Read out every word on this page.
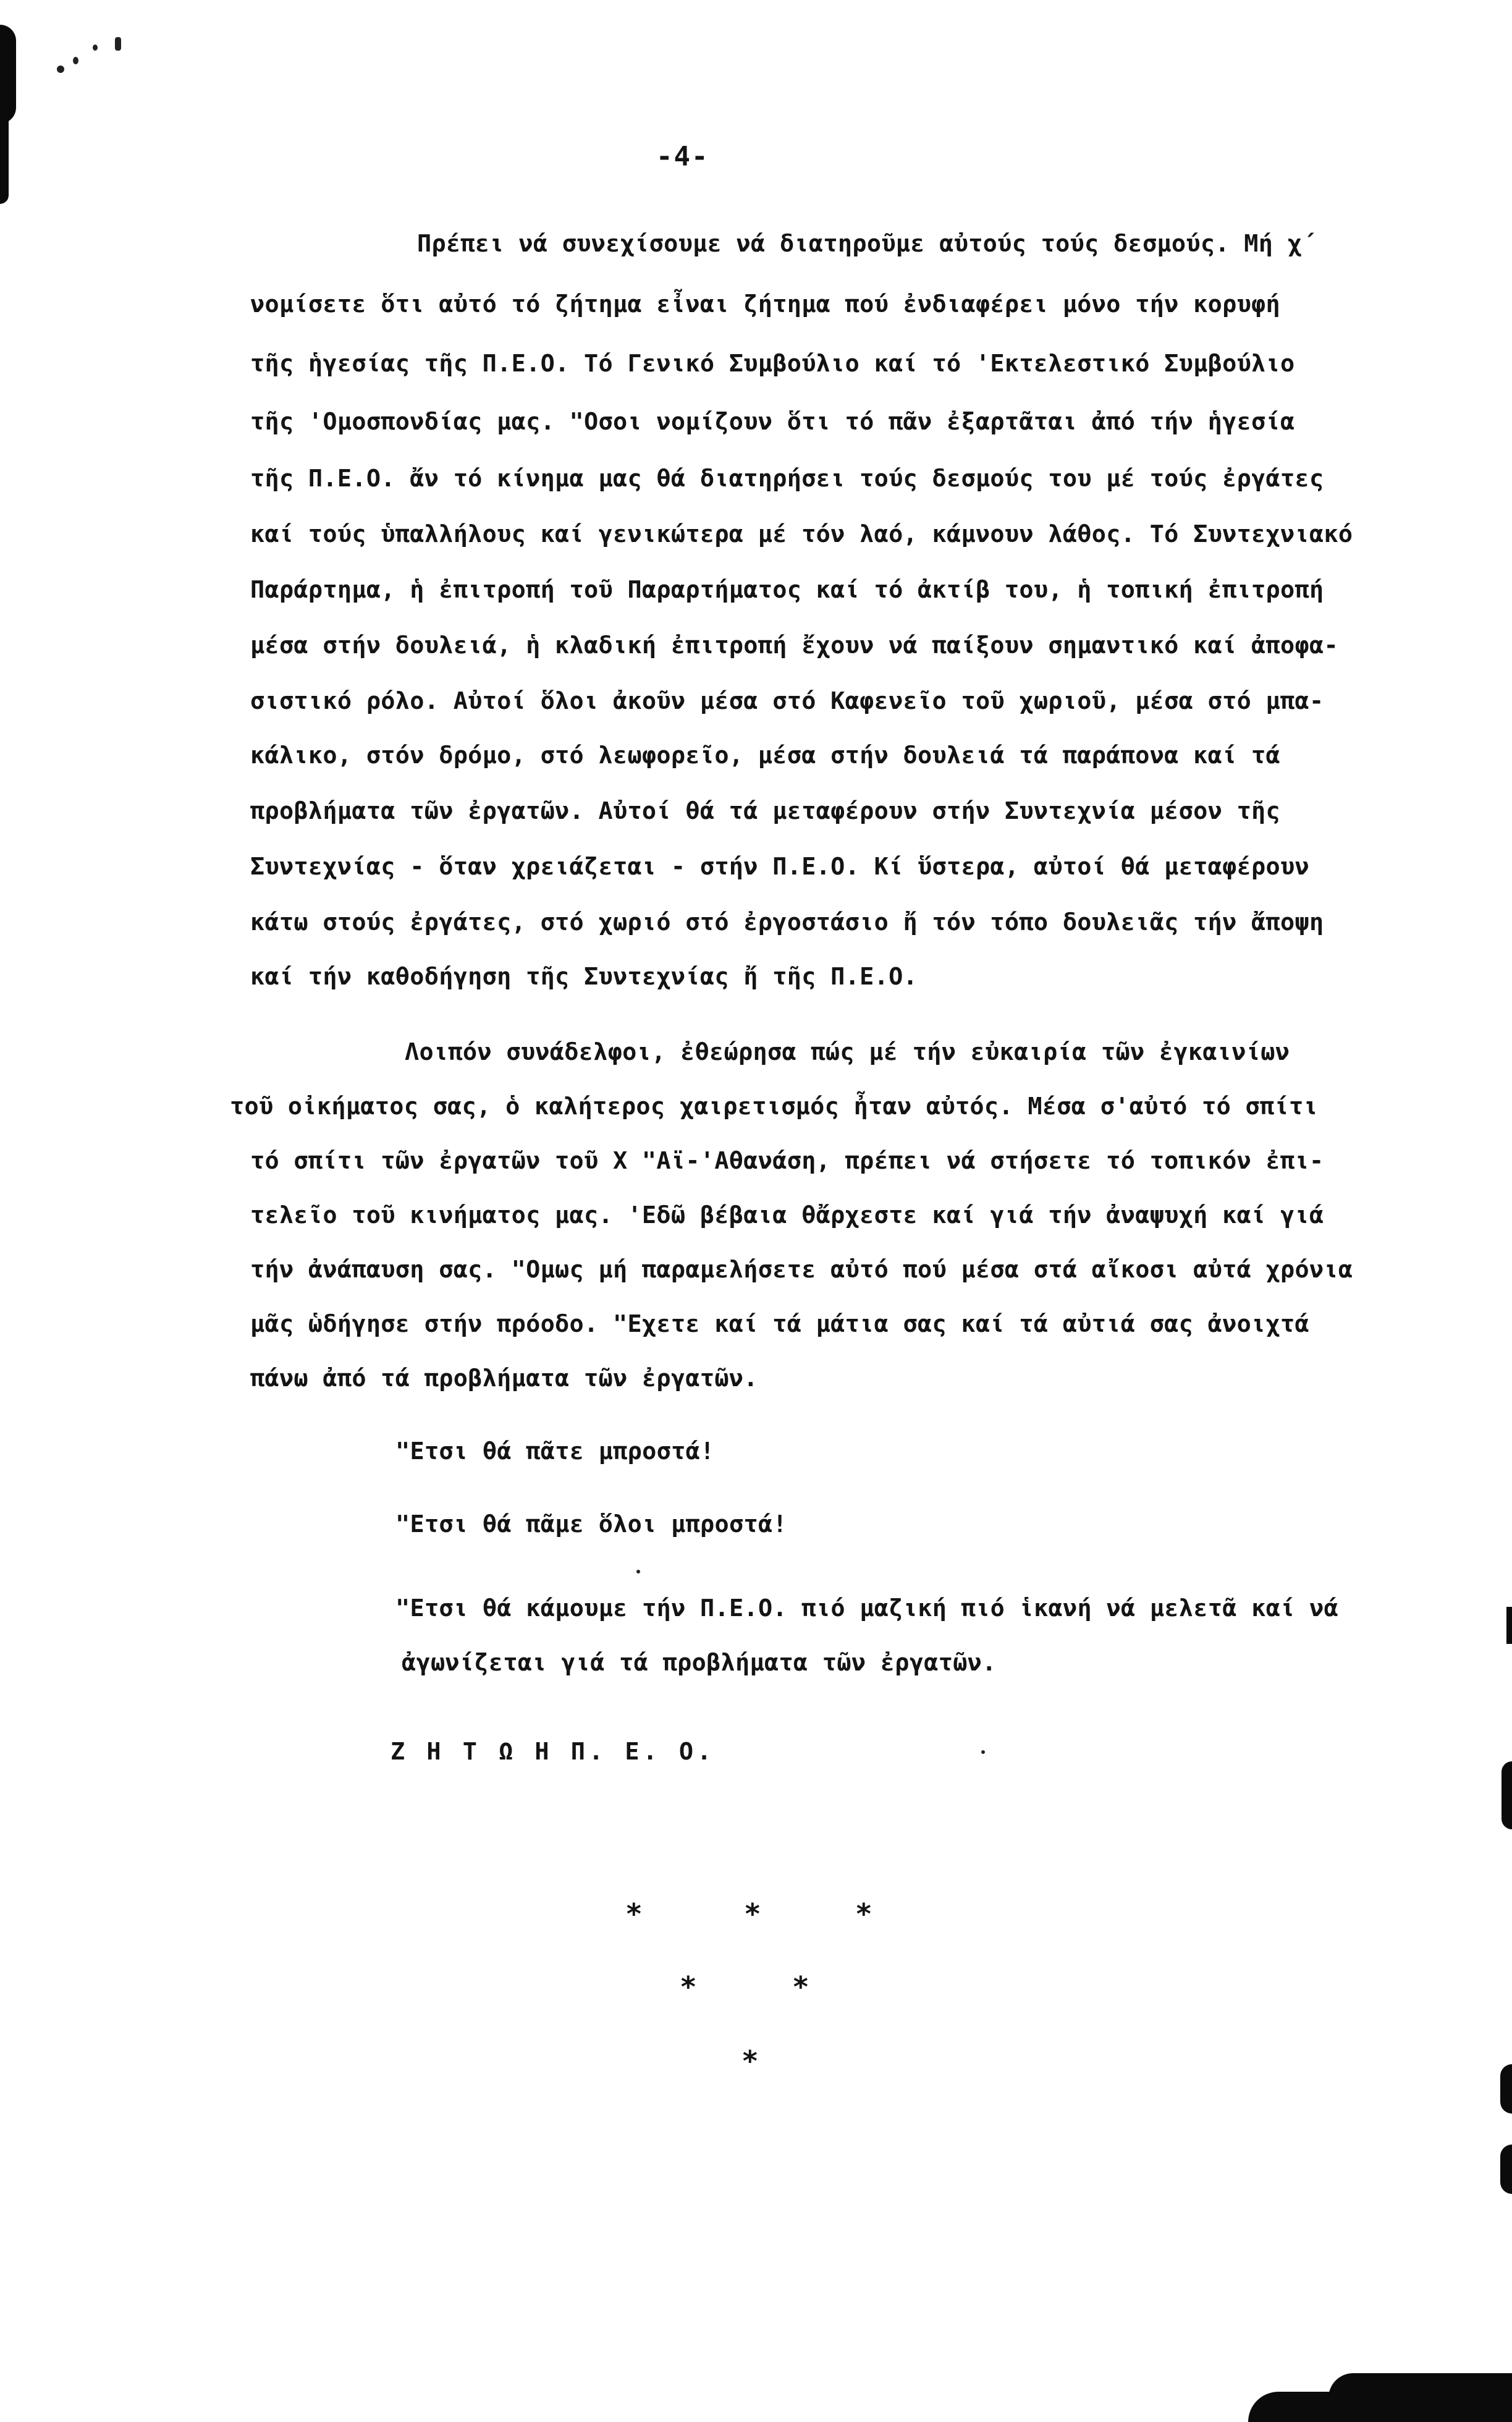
-4-
Πρέπει νά συνεχίσουμε νά διατηροῦμε αὐτούς τούς δεσμούς. Μή χ΄
νομίσετε ὅτι αὐτό τό ζήτημα εἶναι ζήτημα πού ἐνδιαφέρει μόνο τήν κορυφή
τῆς ἡγεσίας τῆς Π.Ε.Ο. Τό Γενικό Συμβούλιο καί τό 'Εκτελεστικό Συμβούλιο
τῆς 'Ομοσπονδίας μας. "Οσοι νομίζουν ὅτι τό πᾶν ἐξαρτᾶται ἀπό τήν ἡγεσία
τῆς Π.Ε.Ο. ἄν τό κίνημα μας θά διατηρήσει τούς δεσμούς του μέ τούς ἐργάτες
καί τούς ὑπαλλήλους καί γενικώτερα μέ τόν λαό, κάμνουν λάθος. Τό Συντεχνιακό
Παράρτημα, ἡ ἐπιτροπή τοῦ Παραρτήματος καί τό ἀκτίβ του, ἡ τοπική ἐπιτροπή
μέσα στήν δουλειά, ἡ κλαδική ἐπιτροπή ἔχουν νά παίξουν σημαντικό καί ἀποφα-
σιστικό ρόλο. Αὐτοί ὅλοι ἀκοῦν μέσα στό Καφενεῖο τοῦ χωριοῦ, μέσα στό μπα-
κάλικο, στόν δρόμο, στό λεωφορεῖο, μέσα στήν δουλειά τά παράπονα καί τά
προβλήματα τῶν ἐργατῶν. Αὐτοί θά τά μεταφέρουν στήν Συντεχνία μέσον τῆς
Συντεχνίας - ὅταν χρειάζεται - στήν Π.Ε.Ο. Κί ὕστερα, αὐτοί θά μεταφέρουν
κάτω στούς ἐργάτες, στό χωριό στό ἐργοστάσιο ἤ τόν τόπο δουλειᾶς τήν ἄποψη
καί τήν καθοδήγηση τῆς Συντεχνίας ἤ τῆς Π.Ε.Ο.
Λοιπόν συνάδελφοι, ἐθεώρησα πώς μέ τήν εὐκαιρία τῶν ἐγκαινίων
τοῦ οἰκήματος σας, ὁ καλήτερος χαιρετισμός ἦταν αὐτός. Μέσα σ'αὐτό τό σπίτι
τό σπίτι τῶν ἐργατῶν τοῦ Χ "Αϊ-'Αθανάση, πρέπει νά στήσετε τό τοπικόν ἐπι-
τελεῖο τοῦ κινήματος μας. 'Εδῶ βέβαια θἄρχεστε καί γιά τήν ἀναψυχή καί γιά
τήν ἀνάπαυση σας. "Ομως μή παραμελήσετε αὐτό πού μέσα στά αἴκοσι αὐτά χρόνια
μᾶς ὡδήγησε στήν πρόοδο. "Εχετε καί τά μάτια σας καί τά αὐτιά σας ἀνοιχτά
πάνω ἀπό τά προβλήματα τῶν ἐργατῶν.
"Ετσι θά πᾶτε μπροστά!
"Ετσι θά πᾶμε ὅλοι μπροστά!
"Ετσι θά κάμουμε τήν Π.Ε.Ο. πιό μαζική πιό ἱκανή νά μελετᾶ καί νά
ἀγωνίζεται γιά τά προβλήματα τῶν ἐργατῶν.
Ζ Η Τ Ω Η Π. Ε. Ο.
*	*	*
*	*
*
